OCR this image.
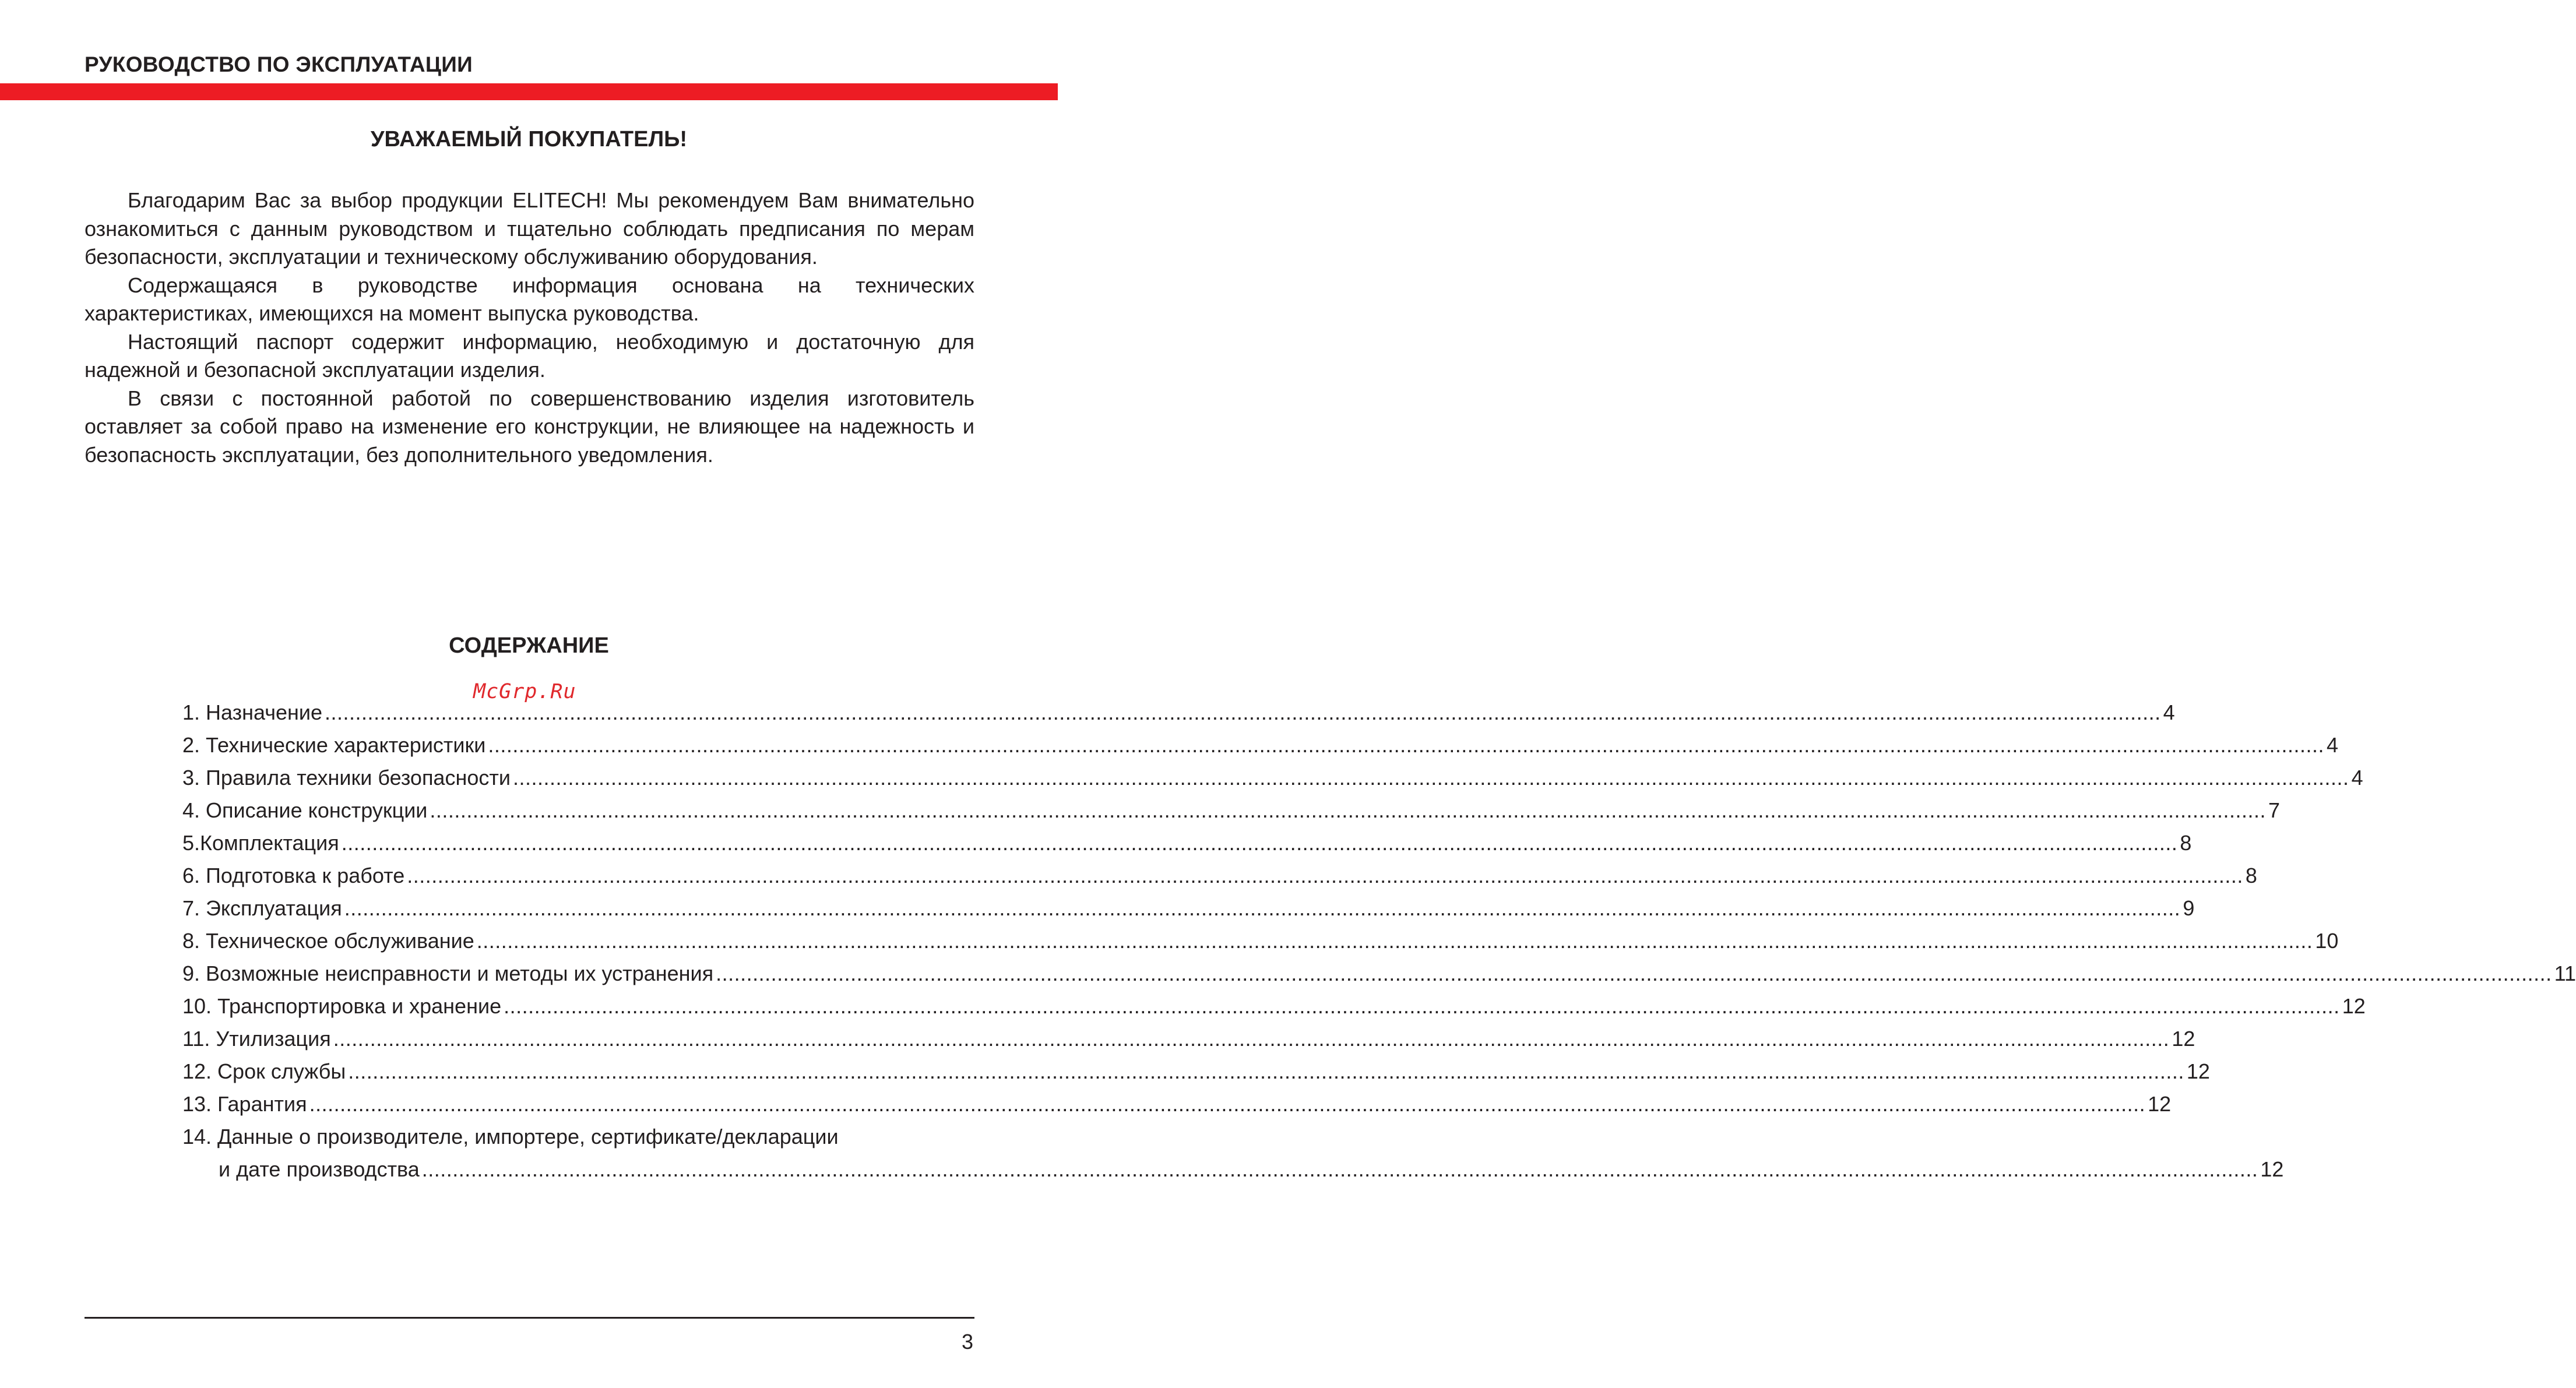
РУКОВОДСТВО ПО ЭКСПЛУАТАЦИИ
УВАЖАЕМЫЙ ПОКУПАТЕЛЬ!

Благодарим Вас за выбор продукции ELITECH! Мы рекомендуем Вам внимательно ознакомиться с данным руководством и тщательно соблюдать предписания по мерам безопасности, эксплуатации и техническому обслуживанию оборудования.

Содержащаяся в руководстве информация основана на технических характеристиках, имеющихся на момент выпуска руководства.

Настоящий паспорт содержит информацию, необходимую и достаточную для надежной и безопасной эксплуатации изделия.

В связи с постоянной работой по совершенствованию изделия изготовитель оставляет за собой право на изменение его конструкции, не влияющее на надежность и безопасность эксплуатации, без дополнительного уведомления.

СОДЕРЖАНИЕ
McGrp.Ru
1. Назначение ............................................................................................................................................................................................................................................................................................................ 4
2. Технические характеристики ............................................................................................................................................................................................................................................................................................................ 4
3. Правила техники безопасности ............................................................................................................................................................................................................................................................................................................ 4
4. Описание конструкции ............................................................................................................................................................................................................................................................................................................ 7
5.Комплектация ............................................................................................................................................................................................................................................................................................................ 8
6. Подготовка к работе ............................................................................................................................................................................................................................................................................................................ 8
7. Эксплуатация ............................................................................................................................................................................................................................................................................................................ 9
8. Техническое обслуживание ............................................................................................................................................................................................................................................................................................................ 10
9. Возможные неисправности и методы их устранения ............................................................................................................................................................................................................................................................................................................ 11
10. Транспортировка и хранение ............................................................................................................................................................................................................................................................................................................ 12
11. Утилизация ............................................................................................................................................................................................................................................................................................................ 12
12. Срок службы ............................................................................................................................................................................................................................................................................................................ 12
13. Гарантия ............................................................................................................................................................................................................................................................................................................ 12
14. Данные о производителе, импортере, сертификате/декларации
и дате производства ............................................................................................................................................................................................................................................................................................................ 12
3
